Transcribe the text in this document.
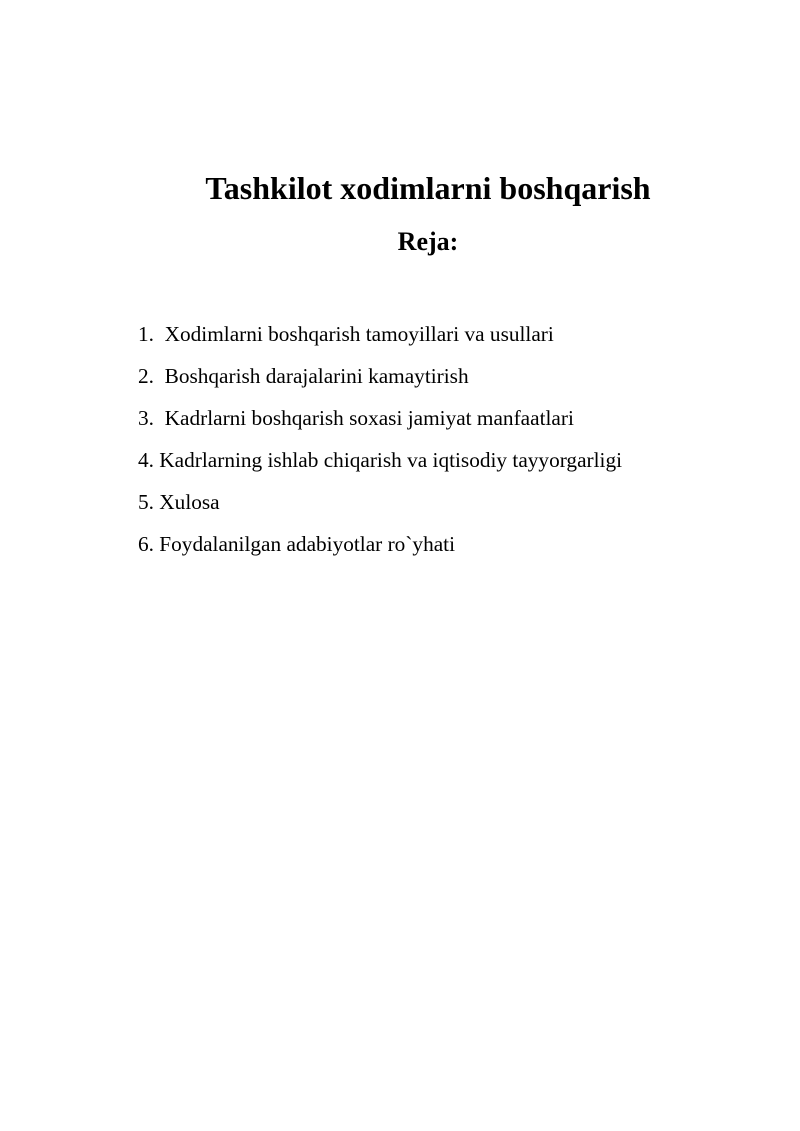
Tashkilot xodimlarni boshqarish
Reja:
1.  Xodimlarni boshqarish tamoyillari va usullari
2.  Boshqarish darajalarini kamaytirish
3.  Kadrlarni boshqarish soxasi jamiyat manfaatlari
4. Kadrlarning ishlab chiqarish va iqtisodiy tayyorgarligi
5. Xulosa
6. Foydalanilgan adabiyotlar ro`yhati
